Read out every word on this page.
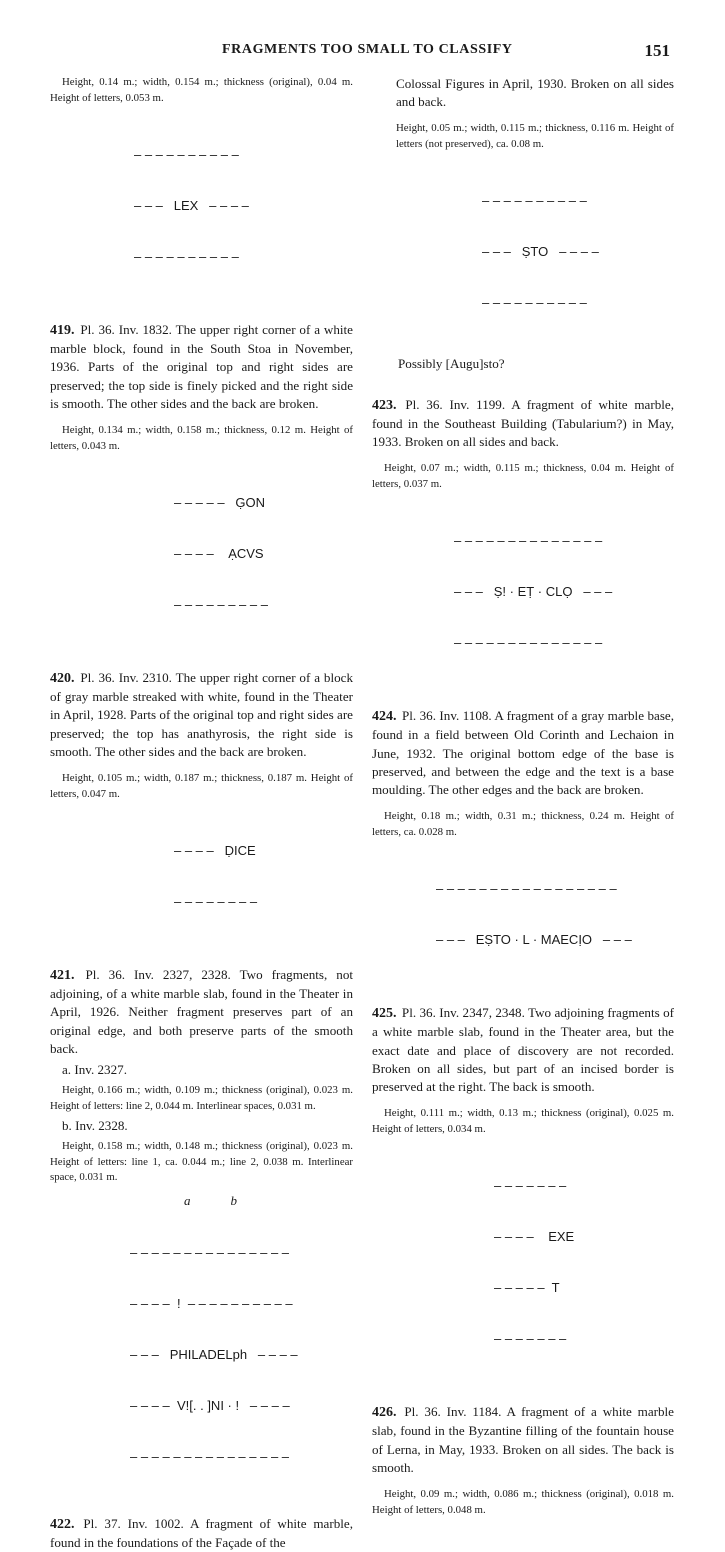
FRAGMENTS TOO SMALL TO CLASSIFY	151

Height, 0.14 m.; width, 0.154 m.; thickness (original), 0.04 m. Height of letters, 0.053 m.

– – – – – – – – – –

– – –   LEX   – – – –

– – – – – – – – – –

419. Pl. 36. Inv. 1832. The upper right corner of a white marble block, found in the South Stoa in November, 1936. Parts of the original top and right sides are preserved; the top side is finely picked and the right side is smooth. The other sides and the back are broken.

Height, 0.134 m.; width, 0.158 m.; thickness, 0.12 m. Height of letters, 0.043 m.

– – – – –   G̣ON

– – – –    ẠCVS

– – – – – – – – –

420. Pl. 36. Inv. 2310. The upper right corner of a block of gray marble streaked with white, found in the Theater in April, 1928. Parts of the original top and right sides are preserved; the top has anathyrosis, the right side is smooth. The other sides and the back are broken.

Height, 0.105 m.; width, 0.187 m.; thickness, 0.187 m. Height of letters, 0.047 m.

– – – –   ḌICE

– – – – – – – –

421. Pl. 36. Inv. 2327, 2328. Two fragments, not adjoining, of a white marble slab, found in the Theater in April, 1926. Neither fragment preserves part of an original edge, and both preserve parts of the smooth back.

a. Inv. 2327.

Height, 0.166 m.; width, 0.109 m.; thickness (original), 0.023 m. Height of letters: line 2, 0.044 m. Interlinear spaces, 0.031 m.

b. Inv. 2328.

Height, 0.158 m.; width, 0.148 m.; thickness (original), 0.023 m. Height of letters: line 1, ca. 0.044 m.; line 2, 0.038 m. Interlinear space, 0.031 m.

a	b

– – – – – – – – – – – – – – –

– – – –  !  – – – – – – – – – –

– – –   PHILADELph   – – – –

– – – –  V![. . ]NI · !   – – – –

– – – – – – – – – – – – – – –

422. Pl. 37. Inv. 1002. A fragment of white marble, found in the foundations of the Façade of the

Colossal Figures in April, 1930. Broken on all sides and back.

Height, 0.05 m.; width, 0.115 m.; thickness, 0.116 m. Height of letters (not preserved), ca. 0.08 m.

– – – – – – – – – –

– – –   ṢTO   – – – –

– – – – – – – – – –

Possibly [Augu]sto?

423. Pl. 36. Inv. 1199. A fragment of white marble, found in the Southeast Building (Tabularium?) in May, 1933. Broken on all sides and back.

Height, 0.07 m.; width, 0.115 m.; thickness, 0.04 m. Height of letters, 0.037 m.

– – – – – – – – – – – – – –

– – –   Ṣ! · EṬ · CLỌ   – – –

– – – – – – – – – – – – – –

424. Pl. 36. Inv. 1108. A fragment of a gray marble base, found in a field between Old Corinth and Lechaion in June, 1932. The original bottom edge of the base is preserved, and between the edge and the text is a base moulding. The other edges and the back are broken.

Height, 0.18 m.; width, 0.31 m.; thickness, 0.24 m. Height of letters, ca. 0.028 m.

– – – – – – – – – – – – – – – – –

– – –   EṢTO · L · MAECỊO   – – –

425. Pl. 36. Inv. 2347, 2348. Two adjoining fragments of a white marble slab, found in the Theater area, but the exact date and place of discovery are not recorded. Broken on all sides, but part of an incised border is preserved at the right. The back is smooth.

Height, 0.111 m.; width, 0.13 m.; thickness (original), 0.025 m. Height of letters, 0.034 m.

– – – – – – –

– – – –    EXE

– – – – –  T

– – – – – – –

426. Pl. 36. Inv. 1184. A fragment of a white marble slab, found in the Byzantine filling of the fountain house of Lerna, in May, 1933. Broken on all sides. The back is smooth.

Height, 0.09 m.; width, 0.086 m.; thickness (original), 0.018 m. Height of letters, 0.048 m.
